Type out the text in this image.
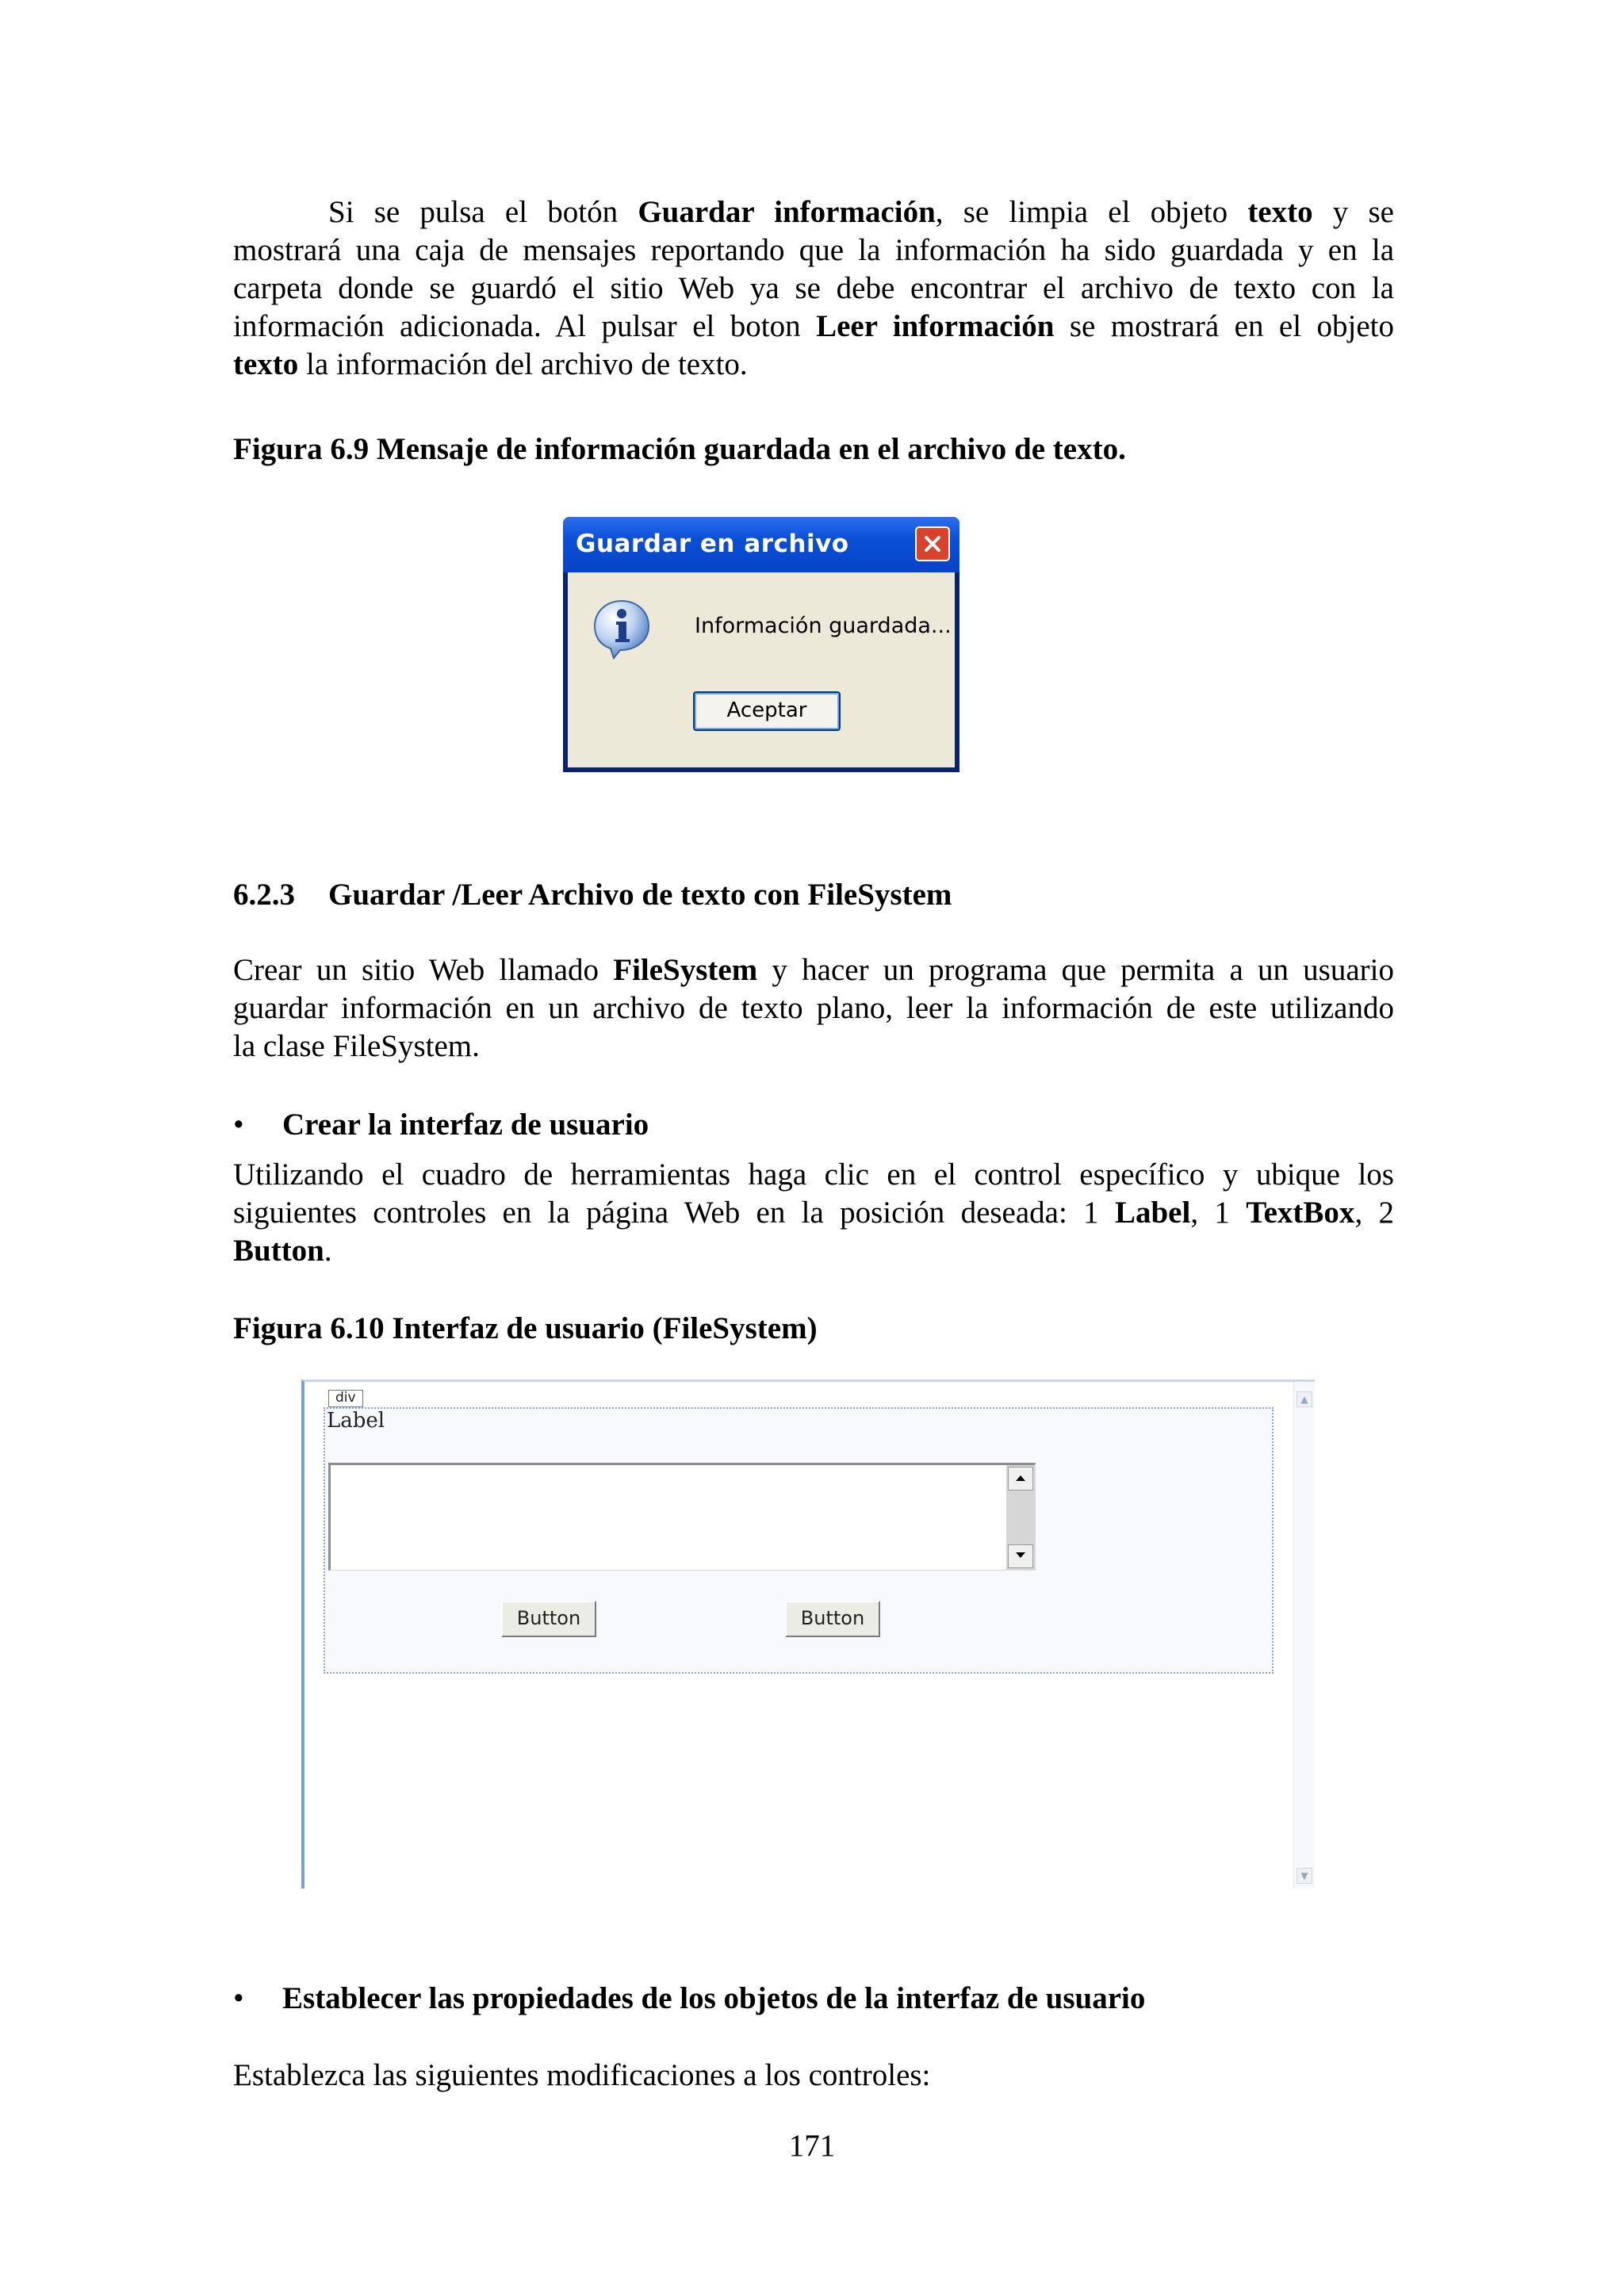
Si se pulsa el botón Guardar información, se limpia el objeto texto y se
mostrará una caja de mensajes reportando que la información ha sido guardada y en la
carpeta donde se guardó el sitio Web ya se debe encontrar el archivo de texto con la
información adicionada. Al pulsar el boton Leer información se mostrará en el objeto
texto la información del archivo de texto.
Figura 6.9 Mensaje de información guardada en el archivo de texto.
Guardar en archivo
Información guardada...
Aceptar
6.2.3 Guardar /Leer Archivo de texto con FileSystem
Crear un sitio Web llamado FileSystem y hacer un programa que permita a un usuario
guardar información en un archivo de texto plano, leer la información de este utilizando
la clase FileSystem.
• Crear la interfaz de usuario
Utilizando el cuadro de herramientas haga clic en el control específico y ubique los
siguientes controles en la página Web en la posición deseada: 1 Label, 1 TextBox, 2
Button.
Figura 6.10 Interfaz de usuario (FileSystem)
div
Label
Button	Button
▲
▼
• Establecer las propiedades de los objetos de la interfaz de usuario
Establezca las siguientes modificaciones a los controles:
171
